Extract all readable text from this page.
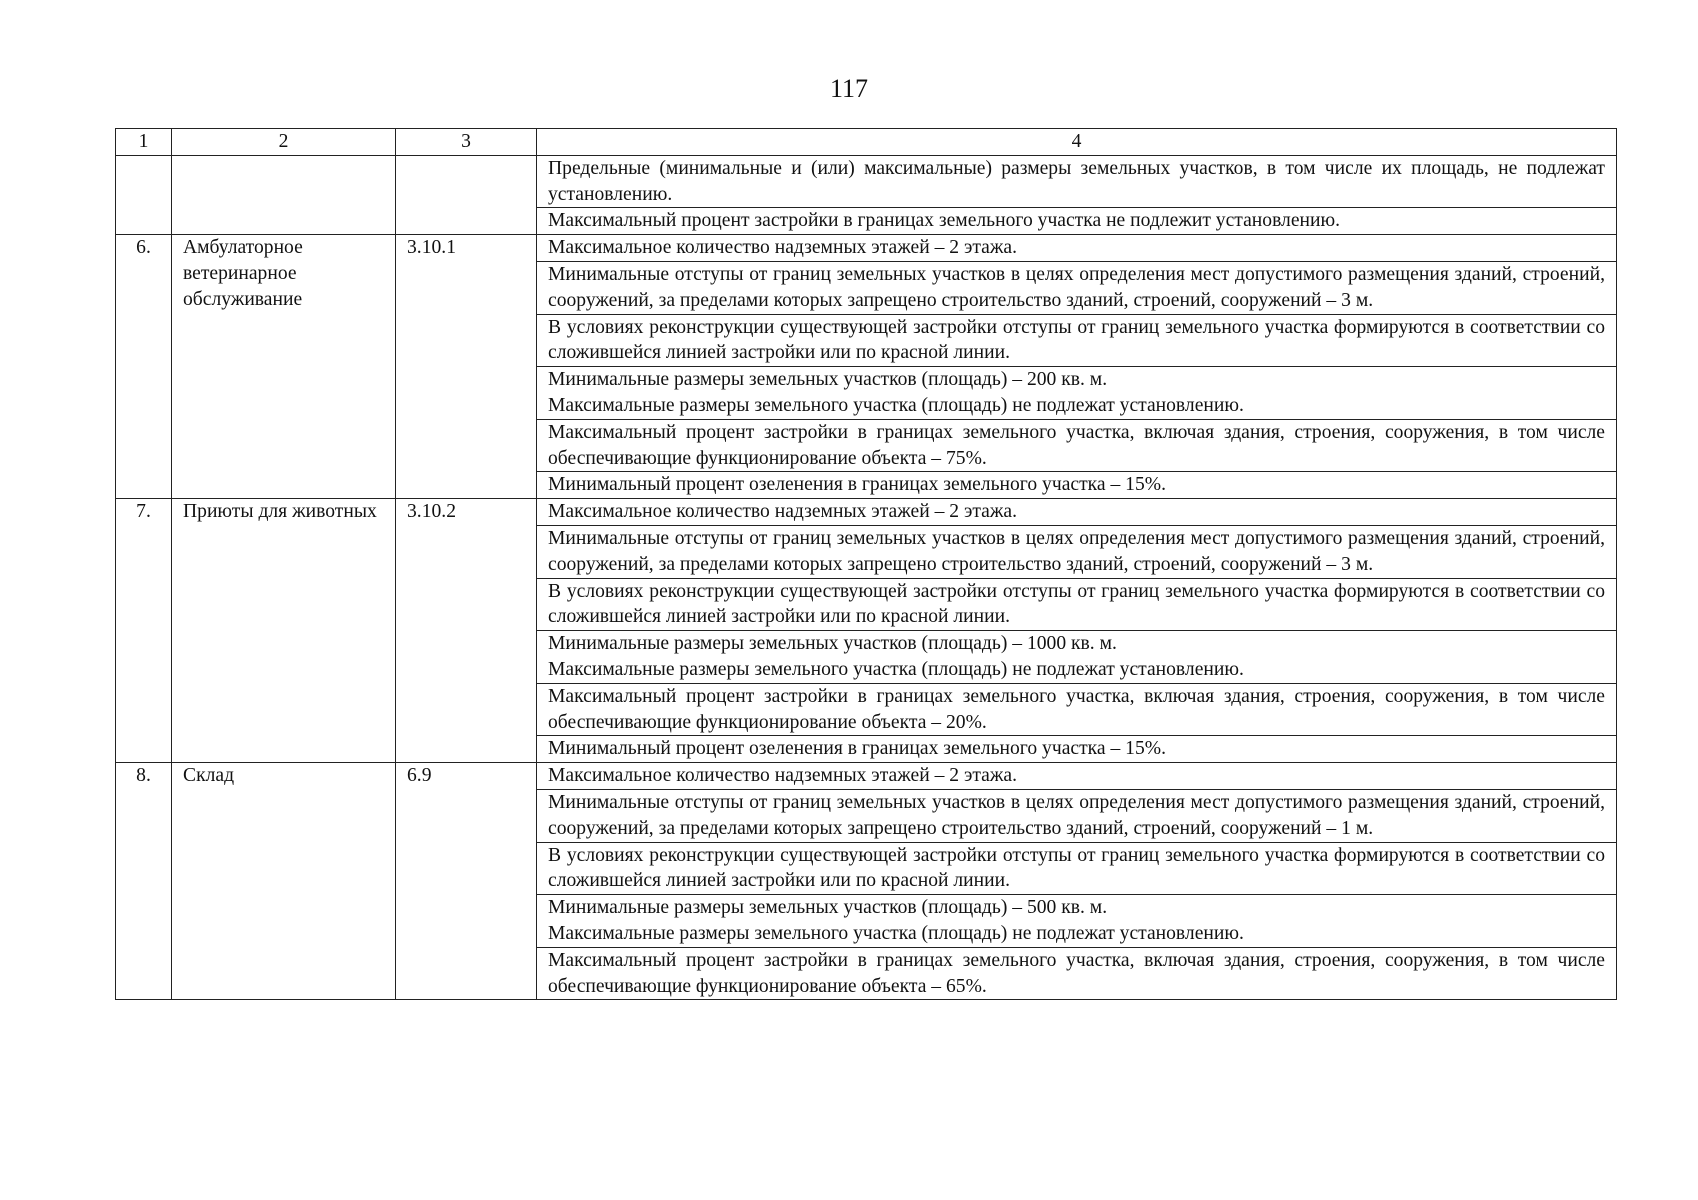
117
1	2	3	4

			Предельные (минимальные и (или) максимальные) размеры земельных участков, в том числе их площадь, не подлежат установлению.

			Максимальный процент застройки в границах земельного участка не подлежит установлению.

6.	Амбулаторное ветеринарное обслуживание	3.10.1	Максимальное количество надземных этажей – 2 этажа.

			Минимальные отступы от границ земельных участков в целях определения мест допустимого размещения зданий, строений, сооружений, за пределами которых запрещено строительство зданий, строений, сооружений – 3 м.

			В условиях реконструкции существующей застройки отступы от границ земельного участка формируются в соответствии со сложившейся линией застройки или по красной линии.

			Минимальные размеры земельных участков (площадь) – 200 кв. м.
Максимальные размеры земельного участка (площадь) не подлежат установлению.

			Максимальный процент застройки в границах земельного участка, включая здания, строения, сооружения, в том числе обеспечивающие функционирование объекта – 75%.

			Минимальный процент озеленения в границах земельного участка – 15%.

7.	Приюты для животных	3.10.2	Максимальное количество надземных этажей – 2 этажа.

			Минимальные отступы от границ земельных участков в целях определения мест допустимого размещения зданий, строений, сооружений, за пределами которых запрещено строительство зданий, строений, сооружений – 3 м.

			В условиях реконструкции существующей застройки отступы от границ земельного участка формируются в соответствии со сложившейся линией застройки или по красной линии.

			Минимальные размеры земельных участков (площадь) – 1000 кв. м.
Максимальные размеры земельного участка (площадь) не подлежат установлению.

			Максимальный процент застройки в границах земельного участка, включая здания, строения, сооружения, в том числе обеспечивающие функционирование объекта – 20%.

			Минимальный процент озеленения в границах земельного участка – 15%.

8.	Склад	6.9	Максимальное количество надземных этажей – 2 этажа.

			Минимальные отступы от границ земельных участков в целях определения мест допустимого размещения зданий, строений, сооружений, за пределами которых запрещено строительство зданий, строений, сооружений – 1 м.

			В условиях реконструкции существующей застройки отступы от границ земельного участка формируются в соответствии со сложившейся линией застройки или по красной линии.

			Минимальные размеры земельных участков (площадь) – 500 кв. м.
Максимальные размеры земельного участка (площадь) не подлежат установлению.

			Максимальный процент застройки в границах земельного участка, включая здания, строения, сооружения, в том числе обеспечивающие функционирование объекта – 65%.
